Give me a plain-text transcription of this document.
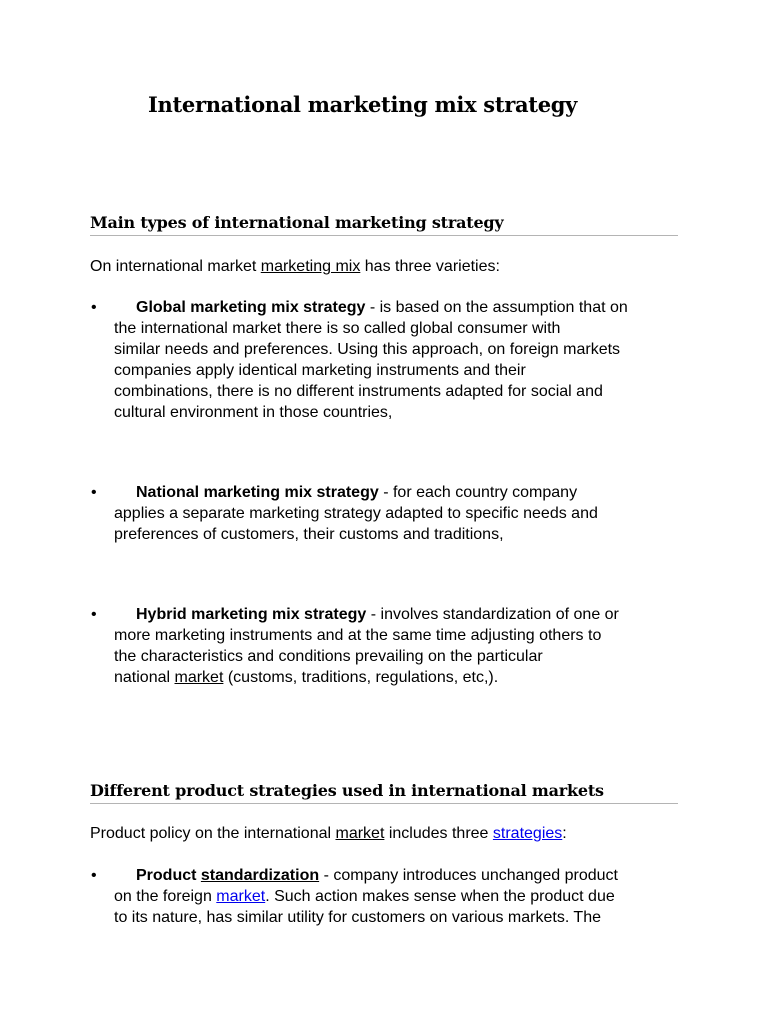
International marketing mix strategy
Main types of international marketing strategy

On international market marketing mix has three varieties:

•	Global marketing mix strategy - is based on the assumption that on
the international market there is so called global consumer with
similar needs and preferences. Using this approach, on foreign markets
companies apply identical marketing instruments and their
combinations, there is no different instruments adapted for social and
cultural environment in those countries,
•	National marketing mix strategy - for each country company
applies a separate marketing strategy adapted to specific needs and
preferences of customers, their customs and traditions,
•	Hybrid marketing mix strategy - involves standardization of one or
more marketing instruments and at the same time adjusting others to
the characteristics and conditions prevailing on the particular
national market (customs, traditions, regulations, etc,).
Different product strategies used in international markets

Product policy on the international market includes three strategies:

•	Product standardization - company introduces unchanged product
on the foreign market. Such action makes sense when the product due
to its nature, has similar utility for customers on various markets. The
